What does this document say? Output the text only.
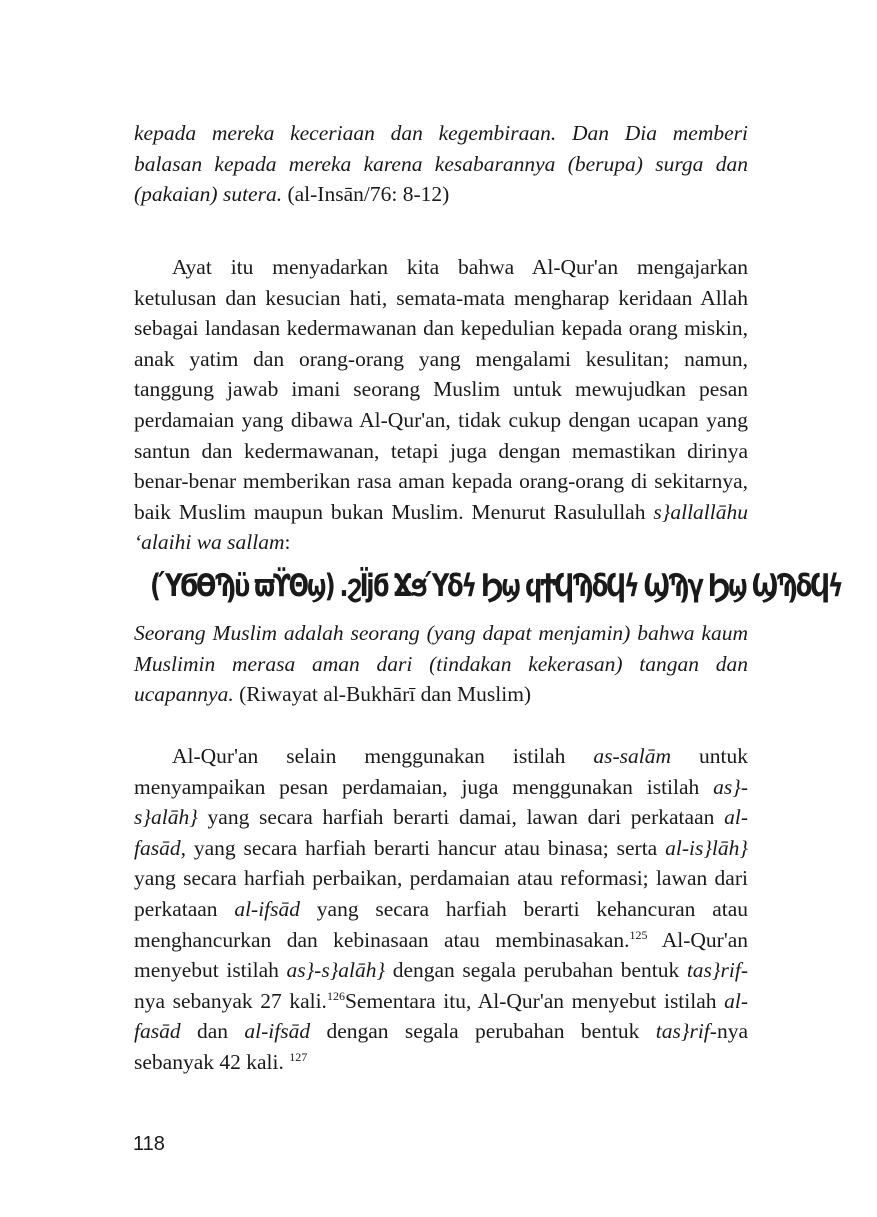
kepada mereka keceriaan dan kegembiraan. Dan Dia memberi balasan kepada mereka karena kesabarannya (berupa) surga dan (pakaian) sutera. (al-Insān/76: 8-12)

Ayat itu menyadarkan kita bahwa Al-Qur'an mengajarkan ketulusan dan kesucian hati, semata-mata mengharap keridaan Allah sebagai landasan kedermawanan dan kepedulian kepada orang miskin, anak yatim dan orang-orang yang mengalami kesulitan; namun, tanggung jawab imani seorang Muslim untuk mewujudkan pesan perdamaian yang dibawa Al-Qur'an, tidak cukup dengan ucapan yang santun dan kedermawanan, tetapi juga dengan memastikan dirinya benar-benar memberikan rasa aman kepada orang-orang di sekitarnya, baik Muslim maupun bukan Muslim. Menurut Rasulullah s}allallāhu ‘alaihi wa sallam:

(ΎϬϴϠϋ ϖϔΘϣ) .ϩΪϳϭ ϪϧΎδϟ Ϧϣ ϥϮϤϠδϤϟ ϢϠγ Ϧϣ ϢϠδϤϟ

Seorang Muslim adalah seorang (yang dapat menjamin) bahwa kaum Muslimin merasa aman dari (tindakan kekerasan) tangan dan ucapannya. (Riwayat al-Bukhārī dan Muslim)

Al-Qur'an selain menggunakan istilah as-salām untuk menyampaikan pesan perdamaian, juga menggunakan istilah as}-s}alāh} yang secara harfiah berarti damai, lawan dari perkataan al-fasād, yang secara harfiah berarti hancur atau binasa; serta al-is}lāh} yang secara harfiah perbaikan, perdamaian atau reformasi; lawan dari perkataan al-ifsād yang secara harfiah berarti kehancuran atau menghancurkan dan kebinasaan atau membinasakan.$^{125}$ Al-Qur'an menyebut istilah as}-s}alāh} dengan segala perubahan bentuk tas}rif-nya sebanyak 27 kali.$^{126}$Sementara itu, Al-Qur'an menyebut istilah al-fasād dan al-ifsād dengan segala perubahan bentuk tas}rif-nya sebanyak 42 kali. $^{127}$

118
